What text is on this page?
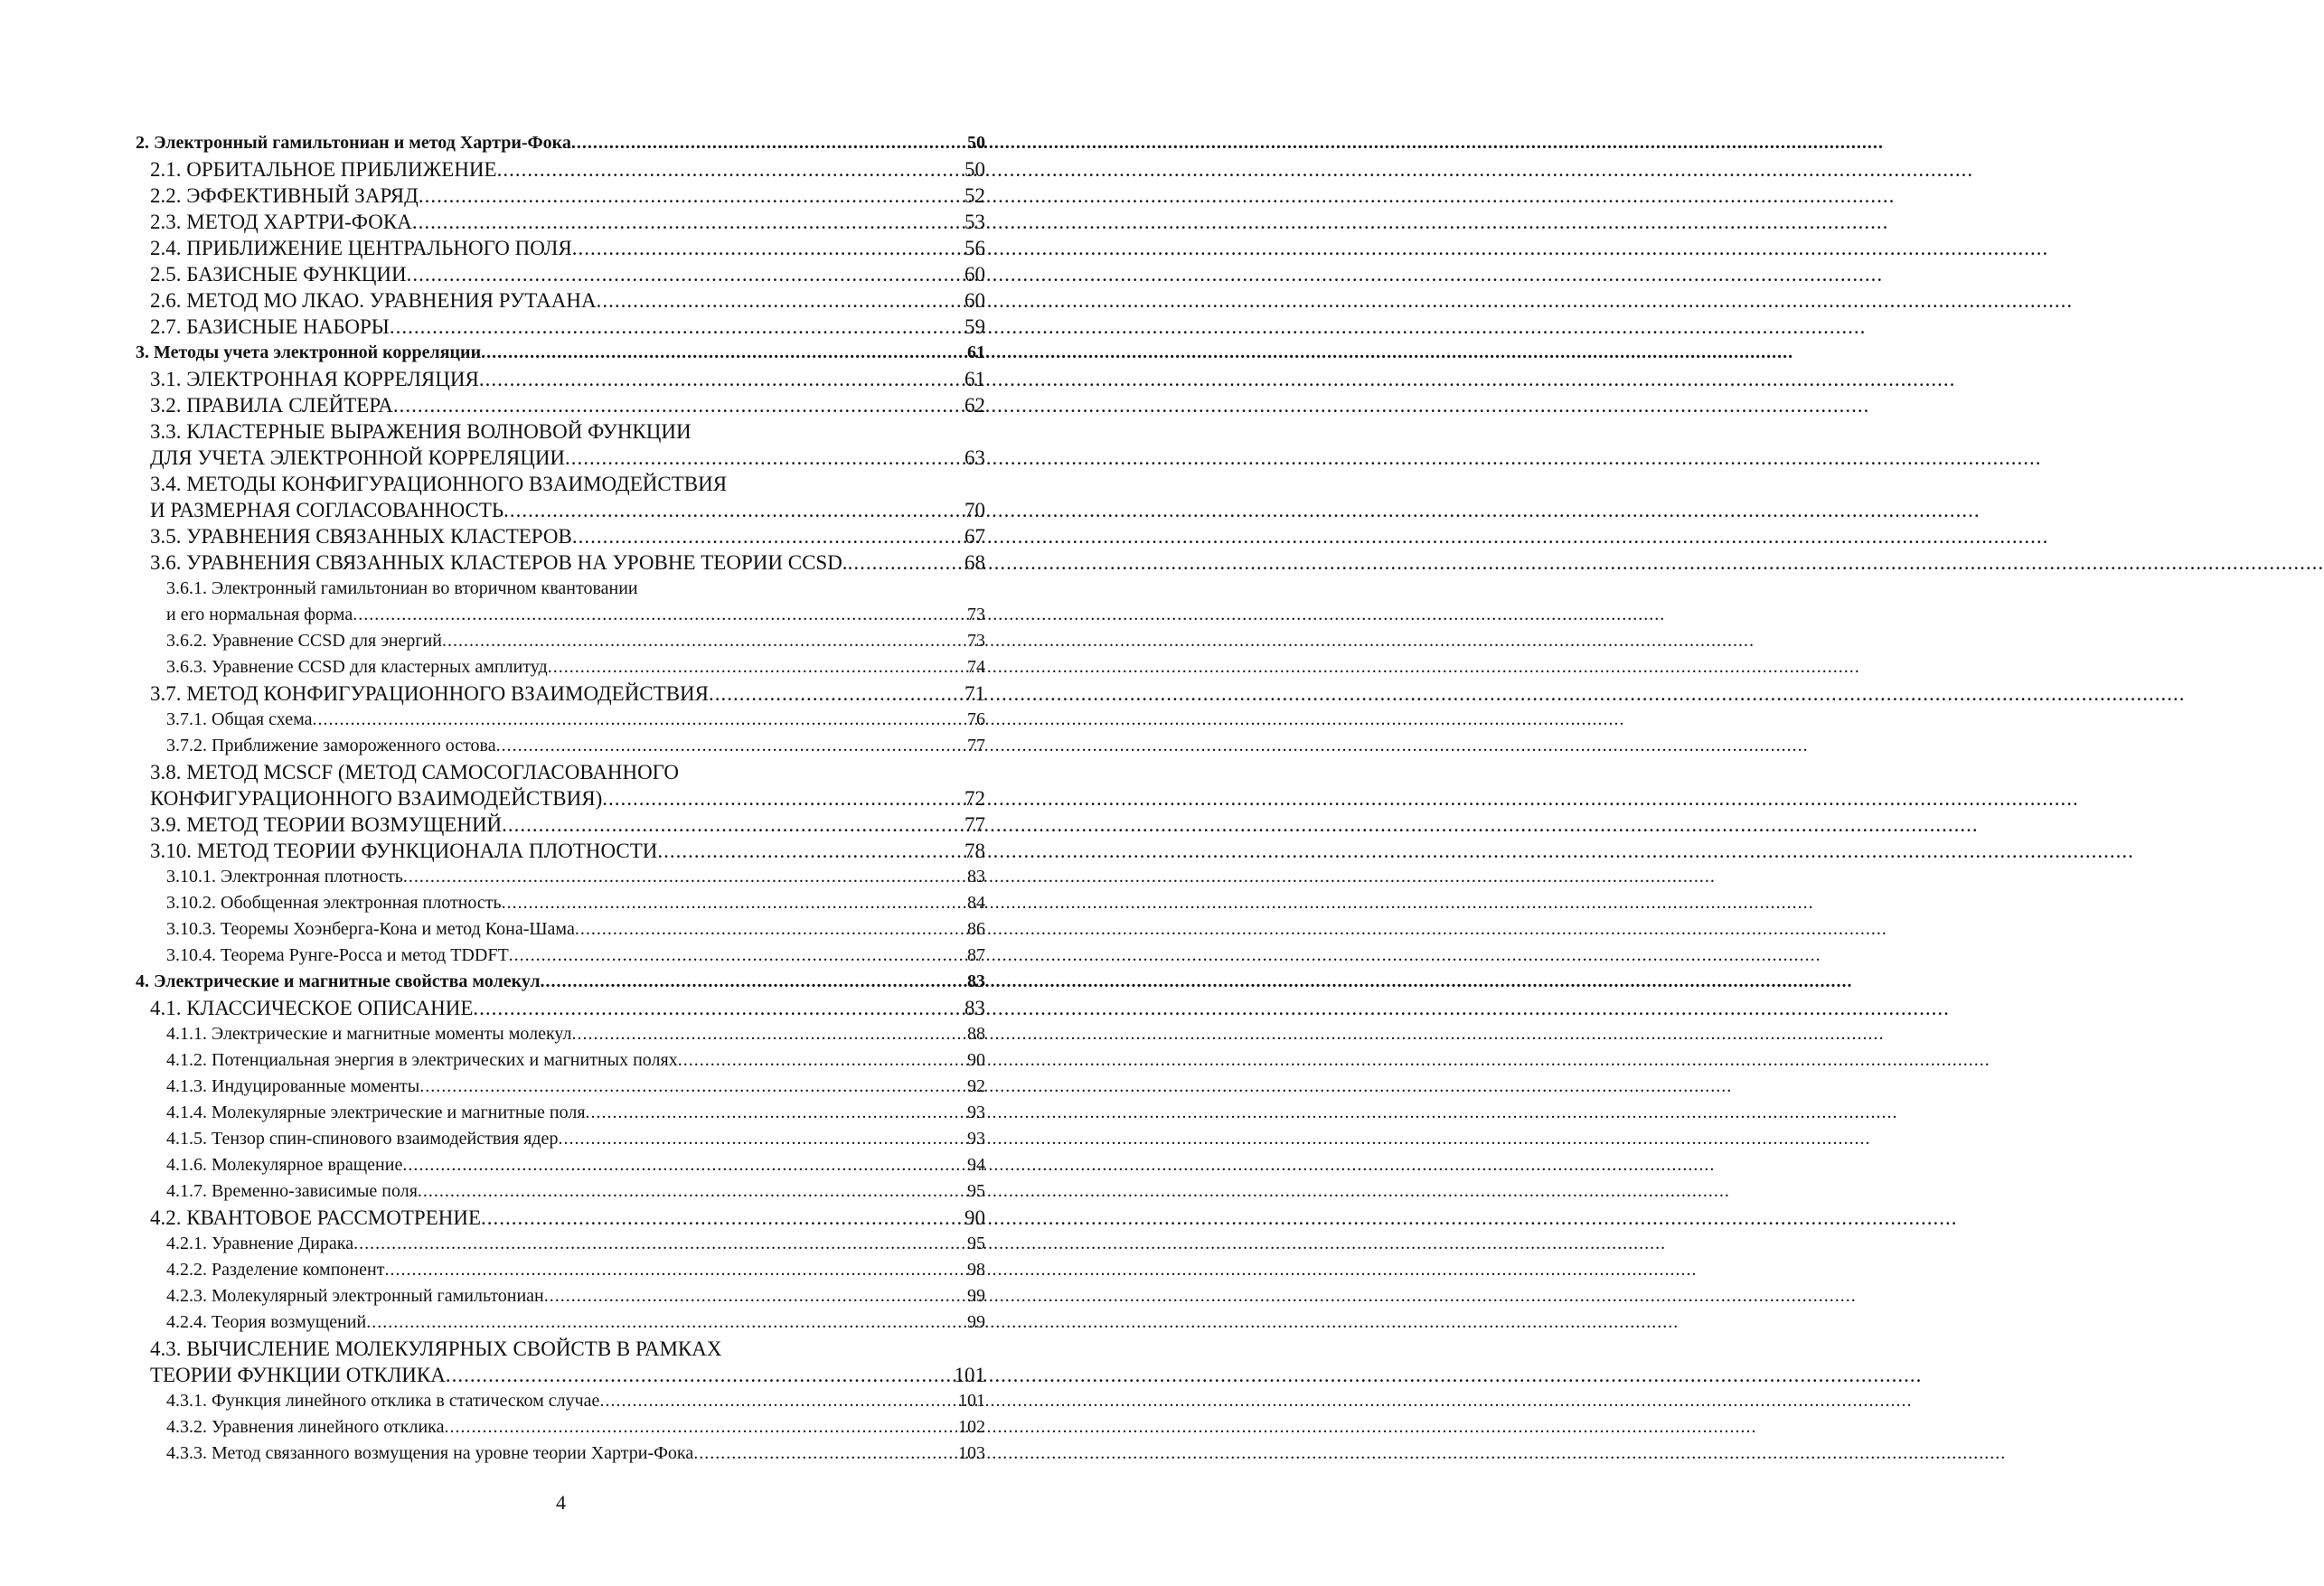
2. Электронный гамильтониан и метод Хартри-Фока .....	50
2.1. ОРБИТАЛЬНОЕ ПРИБЛИЖЕНИЕ .....	50
2.2. ЭФФЕКТИВНЫЙ ЗАРЯД .....	52
2.3. МЕТОД ХАРТРИ-ФОКА .....	53
2.4. ПРИБЛИЖЕНИЕ ЦЕНТРАЛЬНОГО ПОЛЯ .....	56
2.5. БАЗИСНЫЕ ФУНКЦИИ .....	60
2.6. МЕТОД МО ЛКАО. УРАВНЕНИЯ РУТААНА .....	60
2.7. БАЗИСНЫЕ НАБОРЫ .....	59
3. Методы учета электронной корреляции .....	61
3.1. ЭЛЕКТРОННАЯ КОРРЕЛЯЦИЯ .....	61
3.2. ПРАВИЛА СЛЕЙТЕРА .....	62
3.3. КЛАСТЕРНЫЕ ВЫРАЖЕНИЯ ВОЛНОВОЙ ФУНКЦИИ
ДЛЯ УЧЕТА ЭЛЕКТРОННОЙ КОРРЕЛЯЦИИ .....	63
3.4. МЕТОДЫ КОНФИГУРАЦИОННОГО ВЗАИМОДЕЙСТВИЯ
И РАЗМЕРНАЯ СОГЛАСОВАННОСТЬ .....	70
3.5. УРАВНЕНИЯ СВЯЗАННЫХ КЛАСТЕРОВ .....	67
3.6. УРАВНЕНИЯ СВЯЗАННЫХ КЛАСТЕРОВ НА УРОВНЕ ТЕОРИИ CCSD. .....	68
3.6.1. Электронный гамильтониан во вторичном квантовании
и его нормальная форма .....	73
3.6.2. Уравнение CCSD для энергий .....	73
3.6.3. Уравнение CCSD для кластерных амплитуд .....	74
3.7. МЕТОД КОНФИГУРАЦИОННОГО ВЗАИМОДЕЙСТВИЯ .....	71
3.7.1. Общая схема .....	76
3.7.2. Приближение замороженного остова .....	77
3.8. МЕТОД MCSCF (МЕТОД САМОСОГЛАСОВАННОГО
КОНФИГУРАЦИОННОГО ВЗАИМОДЕЙСТВИЯ) .....	72
3.9. МЕТОД ТЕОРИИ ВОЗМУЩЕНИЙ .....	77
3.10. МЕТОД ТЕОРИИ ФУНКЦИОНАЛА ПЛОТНОСТИ .....	78
3.10.1. Электронная плотность .....	83
3.10.2. Обобщенная электронная плотность .....	84
3.10.3. Теоремы Хоэнберга-Кона и метод Кона-Шама .....	86
3.10.4. Теорема Рунге-Росса и метод TDDFT .....	87
4. Электрические и магнитные свойства молекул .....	83
4.1. КЛАССИЧЕСКОЕ ОПИСАНИЕ .....	83
4.1.1. Электрические и магнитные моменты молекул .....	88
4.1.2. Потенциальная энергия в электрических и магнитных полях .....	90
4.1.3. Индуцированные моменты .....	92
4.1.4. Молекулярные электрические и магнитные поля .....	93
4.1.5. Тензор спин-спинового взаимодействия ядер .....	93
4.1.6. Молекулярное вращение .....	94
4.1.7. Временно-зависимые поля .....	95
4.2. КВАНТОВОЕ РАССМОТРЕНИЕ .....	90
4.2.1. Уравнение Дирака .....	95
4.2.2. Разделение компонент .....	98
4.2.3. Молекулярный электронный гамильтониан .....	99
4.2.4. Теория возмущений .....	99
4.3. ВЫЧИСЛЕНИЕ МОЛЕКУЛЯРНЫХ СВОЙСТВ В РАМКАХ
ТЕОРИИ ФУНКЦИИ ОТКЛИКА .....	101
4.3.1. Функция линейного отклика в статическом случае .....	101
4.3.2. Уравнения линейного отклика .....	102
4.3.3. Метод связанного возмущения на уровне теории Хартри-Фока .....	103
4
